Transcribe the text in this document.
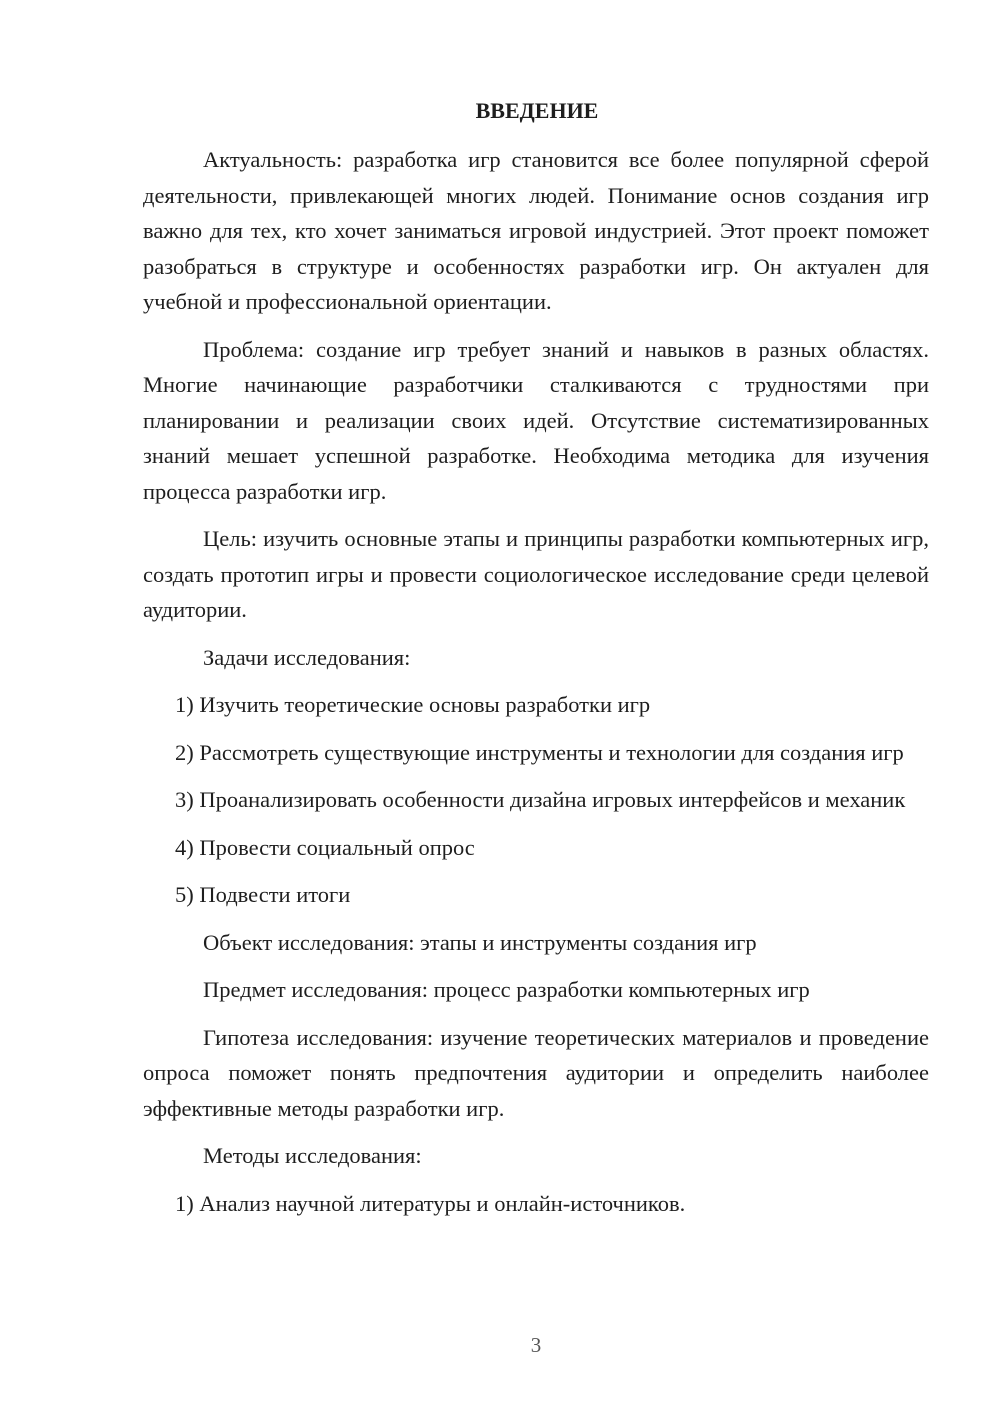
ВВЕДЕНИЕ

Актуальность: разработка игр становится все более популярной сферой деятельности, привлекающей многих людей. Понимание основ создания игр важно для тех, кто хочет заниматься игровой индустрией. Этот проект поможет разобраться в структуре и особенностях разработки игр. Он актуален для учебной и профессиональной ориентации.

Проблема: создание игр требует знаний и навыков в разных областях. Многие начинающие разработчики сталкиваются с трудностями при планировании и реализации своих идей. Отсутствие систематизированных знаний мешает успешной разработке. Необходима методика для изучения процесса разработки игр.

Цель: изучить основные этапы и принципы разработки компьютерных игр, создать прототип игры и провести социологическое исследование среди целевой аудитории.

Задачи исследования:

1) Изучить теоретические основы разработки игр

2) Рассмотреть существующие инструменты и технологии для создания игр

3) Проанализировать особенности дизайна игровых интерфейсов и механик

4) Провести социальный опрос

5) Подвести итоги

Объект исследования: этапы и инструменты создания игр

Предмет исследования: процесс разработки компьютерных игр

Гипотеза исследования: изучение теоретических материалов и проведение опроса поможет понять предпочтения аудитории и определить наиболее эффективные методы разработки игр.

Методы исследования:

1) Анализ научной литературы и онлайн-источников.

3
